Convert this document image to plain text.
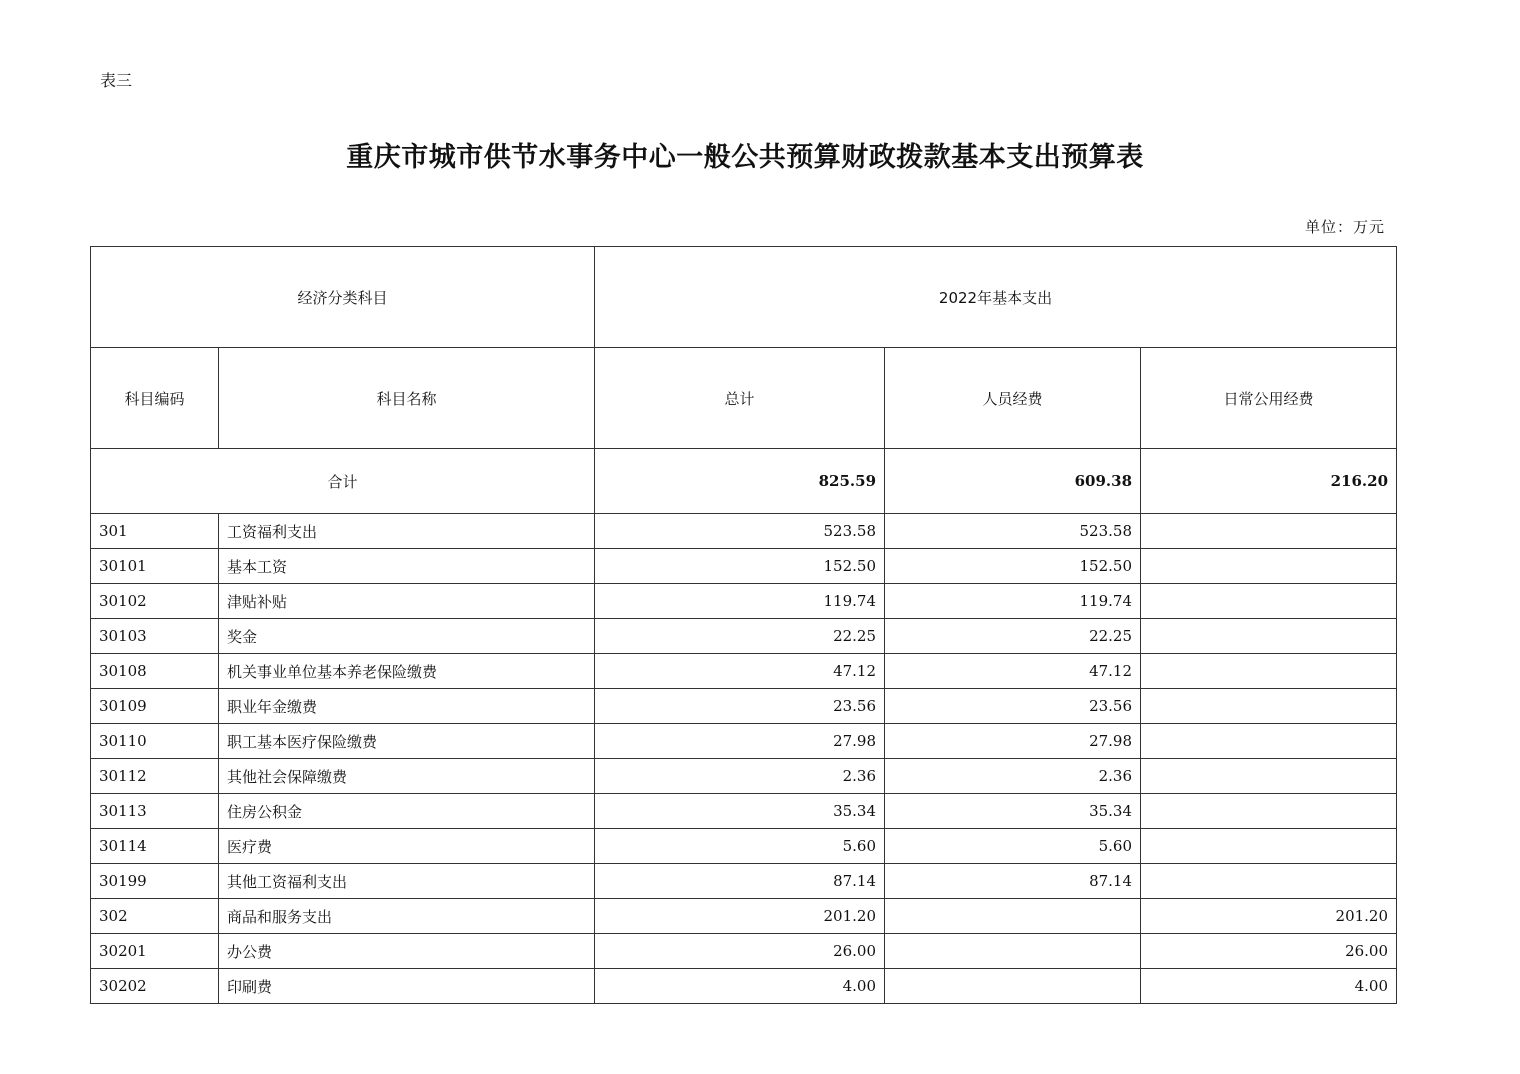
表三
重庆市城市供节水事务中心一般公共预算财政拨款基本支出预算表
单位：万元
经济分类科目		2022年基本支出		
科目编码	科目名称	总计	人员经费	日常公用经费
合计		825.59	609.38	216.20
301	工资福利支出	523.58	523.58	
30101	基本工资	152.50	152.50	
30102	津贴补贴	119.74	119.74	
30103	奖金	22.25	22.25	
30108	机关事业单位基本养老保险缴费	47.12	47.12	
30109	职业年金缴费	23.56	23.56	
30110	职工基本医疗保险缴费	27.98	27.98	
30112	其他社会保障缴费	2.36	2.36	
30113	住房公积金	35.34	35.34	
30114	医疗费	5.60	5.60	
30199	其他工资福利支出	87.14	87.14	
302	商品和服务支出	201.20		201.20
30201	办公费	26.00		26.00
30202	印刷费	4.00		4.00
